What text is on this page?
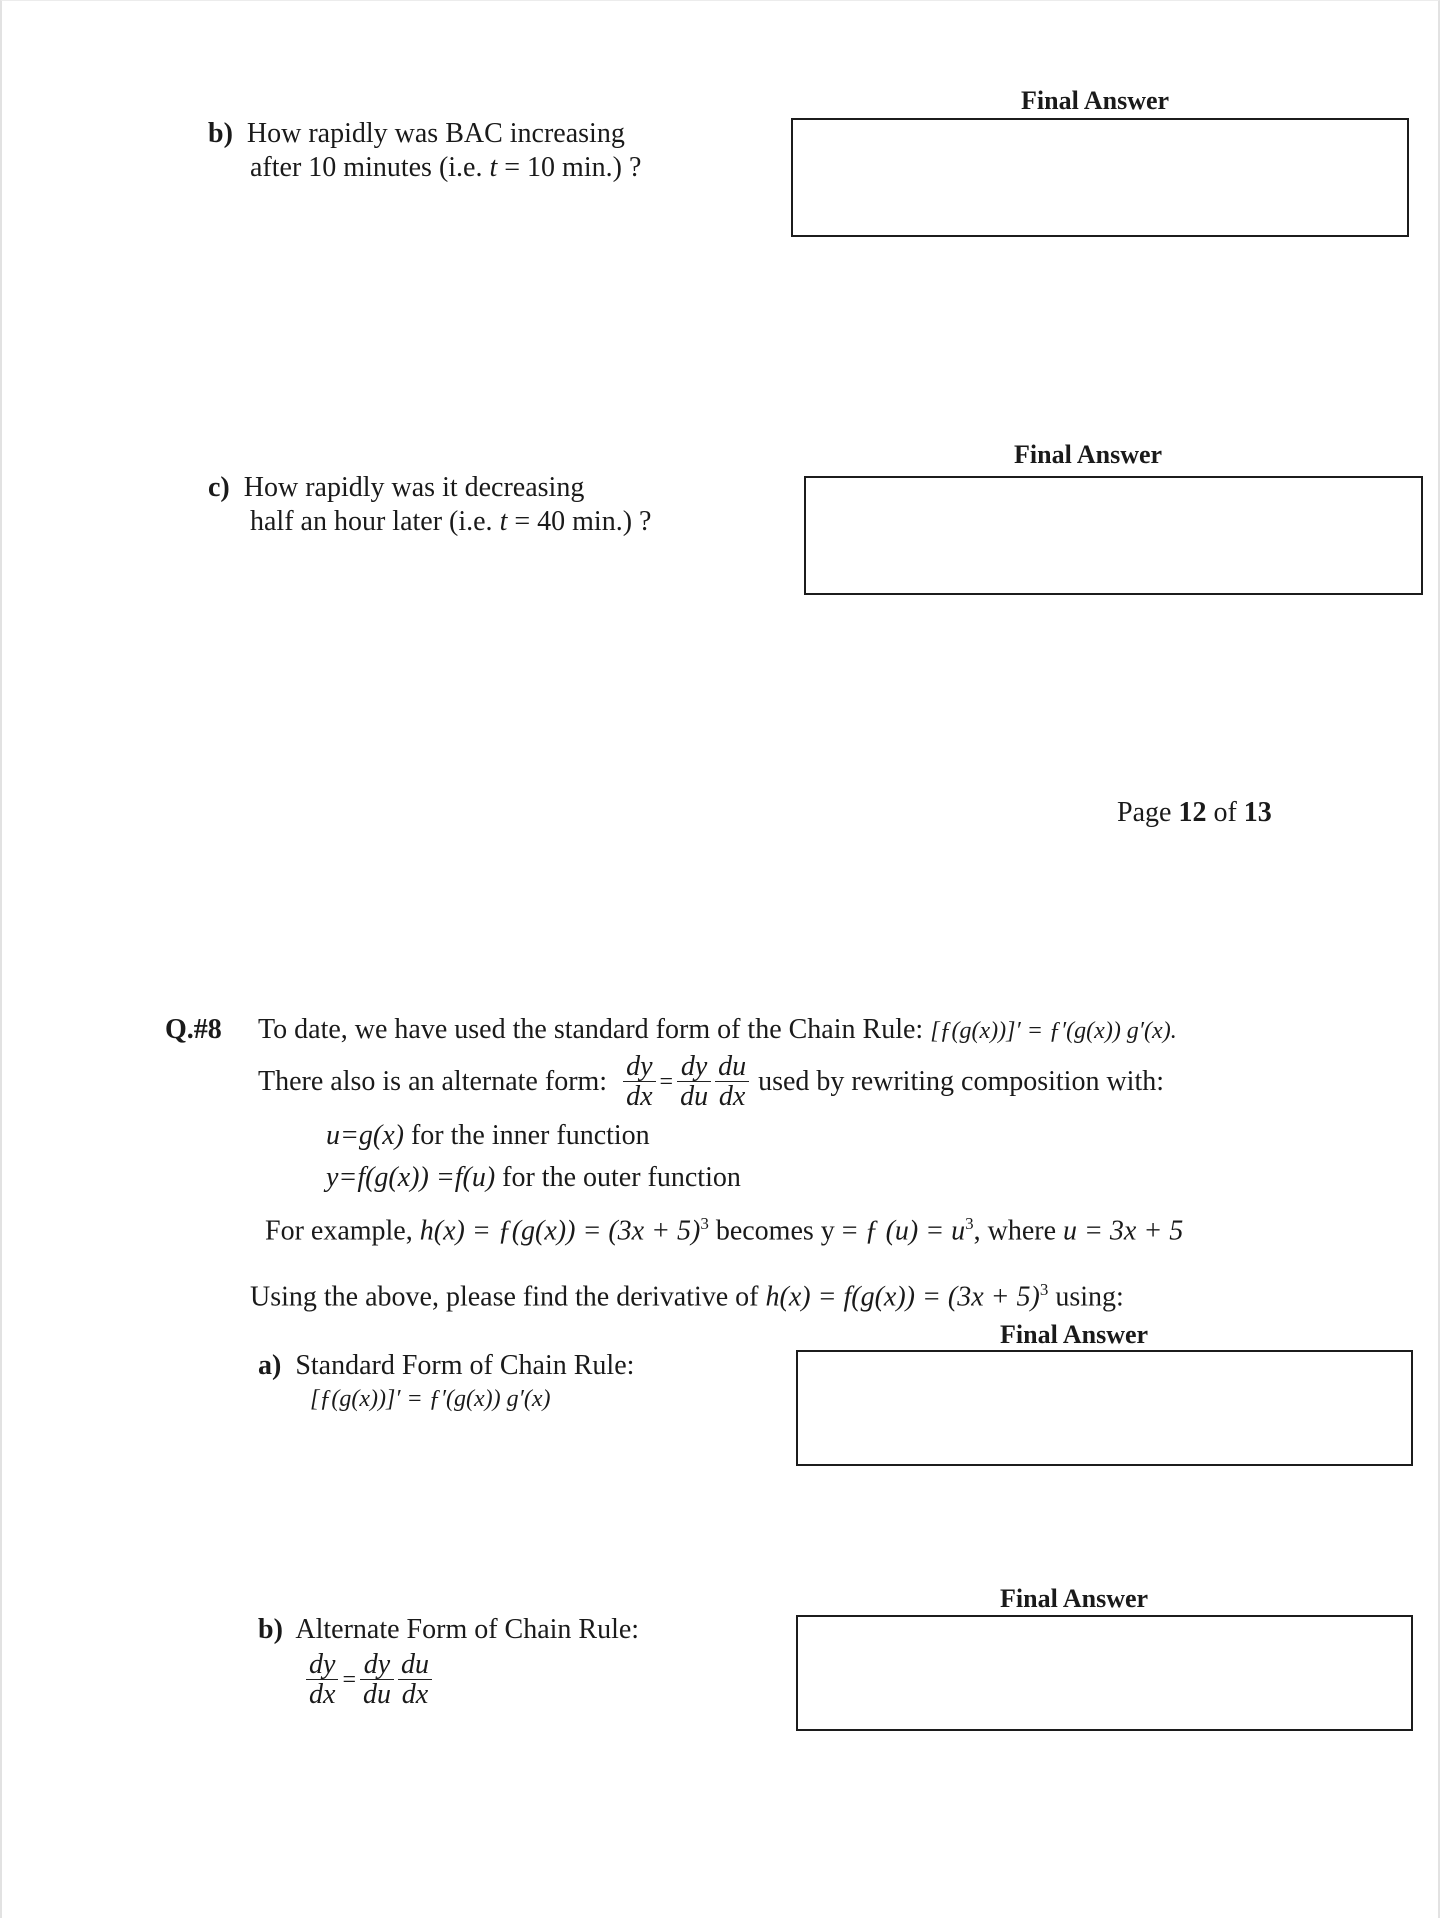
Final Answer
b) How rapidly was BAC increasing
after 10 minutes (i.e. t = 10 min.) ?
Final Answer
c) How rapidly was it decreasing
half an hour later (i.e. t = 40 min.) ?
Page 12 of 13
Q.#8 To date, we have used the standard form of the Chain Rule: [ƒ(g(x))]′ = ƒ′(g(x)) g′(x).
There also is an alternate form:
$\frac{dy}{dx} = \frac{dy}{du} \frac{du}{dx}$
used by rewriting composition with:
u=g(x) for the inner function
y=f(g(x)) =f(u) for the outer function
For example, h(x) = ƒ(g(x)) = $(3x + 5)^3$ becomes y = ƒ $(u) = u^3$, where u = 3x + 5
Using the above, please find the derivative of $h(x) = f(g(x)) = (3x + 5)^3$ using:
Final Answer
a) Standard Form of Chain Rule:
[ƒ(g(x))]′ = ƒ′(g(x)) g′(x)
Final Answer
b) Alternate Form of Chain Rule:
$\frac{dy}{dx} = \frac{dy}{du} \frac{du}{dx}$
